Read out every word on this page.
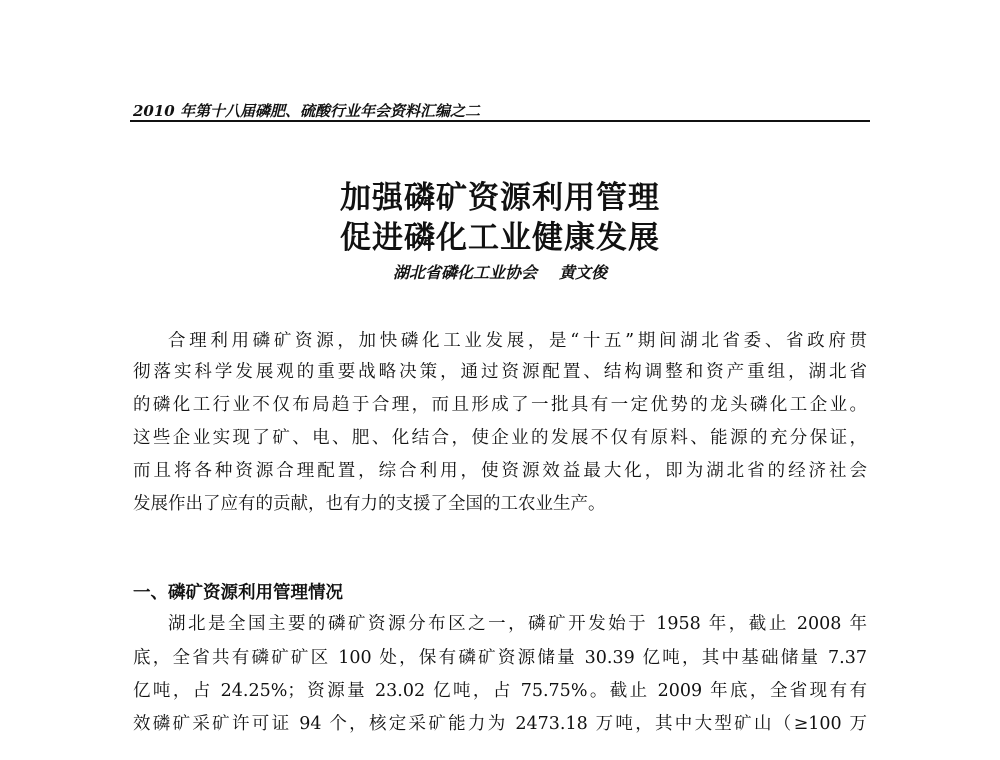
2010 年第十八届磷肥、硫酸行业年会资料汇编之二
加强磷矿资源利用管理
促进磷化工业健康发展
湖北省磷化工业协会 黄文俊
合理利用磷矿资源，加快磷化工业发展，是“十五”期间湖北省委、省政府贯
彻落实科学发展观的重要战略决策，通过资源配置、结构调整和资产重组，湖北省
的磷化工行业不仅布局趋于合理，而且形成了一批具有一定优势的龙头磷化工企业。
这些企业实现了矿、电、肥、化结合，使企业的发展不仅有原料、能源的充分保证，
而且将各种资源合理配置，综合利用，使资源效益最大化，即为湖北省的经济社会
发展作出了应有的贡献，也有力的支援了全国的工农业生产。
一、磷矿资源利用管理情况
湖北是全国主要的磷矿资源分布区之一，磷矿开发始于 1958 年，截止 2008 年
底，全省共有磷矿矿区 100 处，保有磷矿资源储量 30.39 亿吨，其中基础储量 7.37
亿吨，占 24.25%；资源量 23.02 亿吨，占 75.75%。截止 2009 年底，全省现有有
效磷矿采矿许可证 94 个，核定采矿能力为 2473.18 万吨，其中大型矿山（≥100 万
